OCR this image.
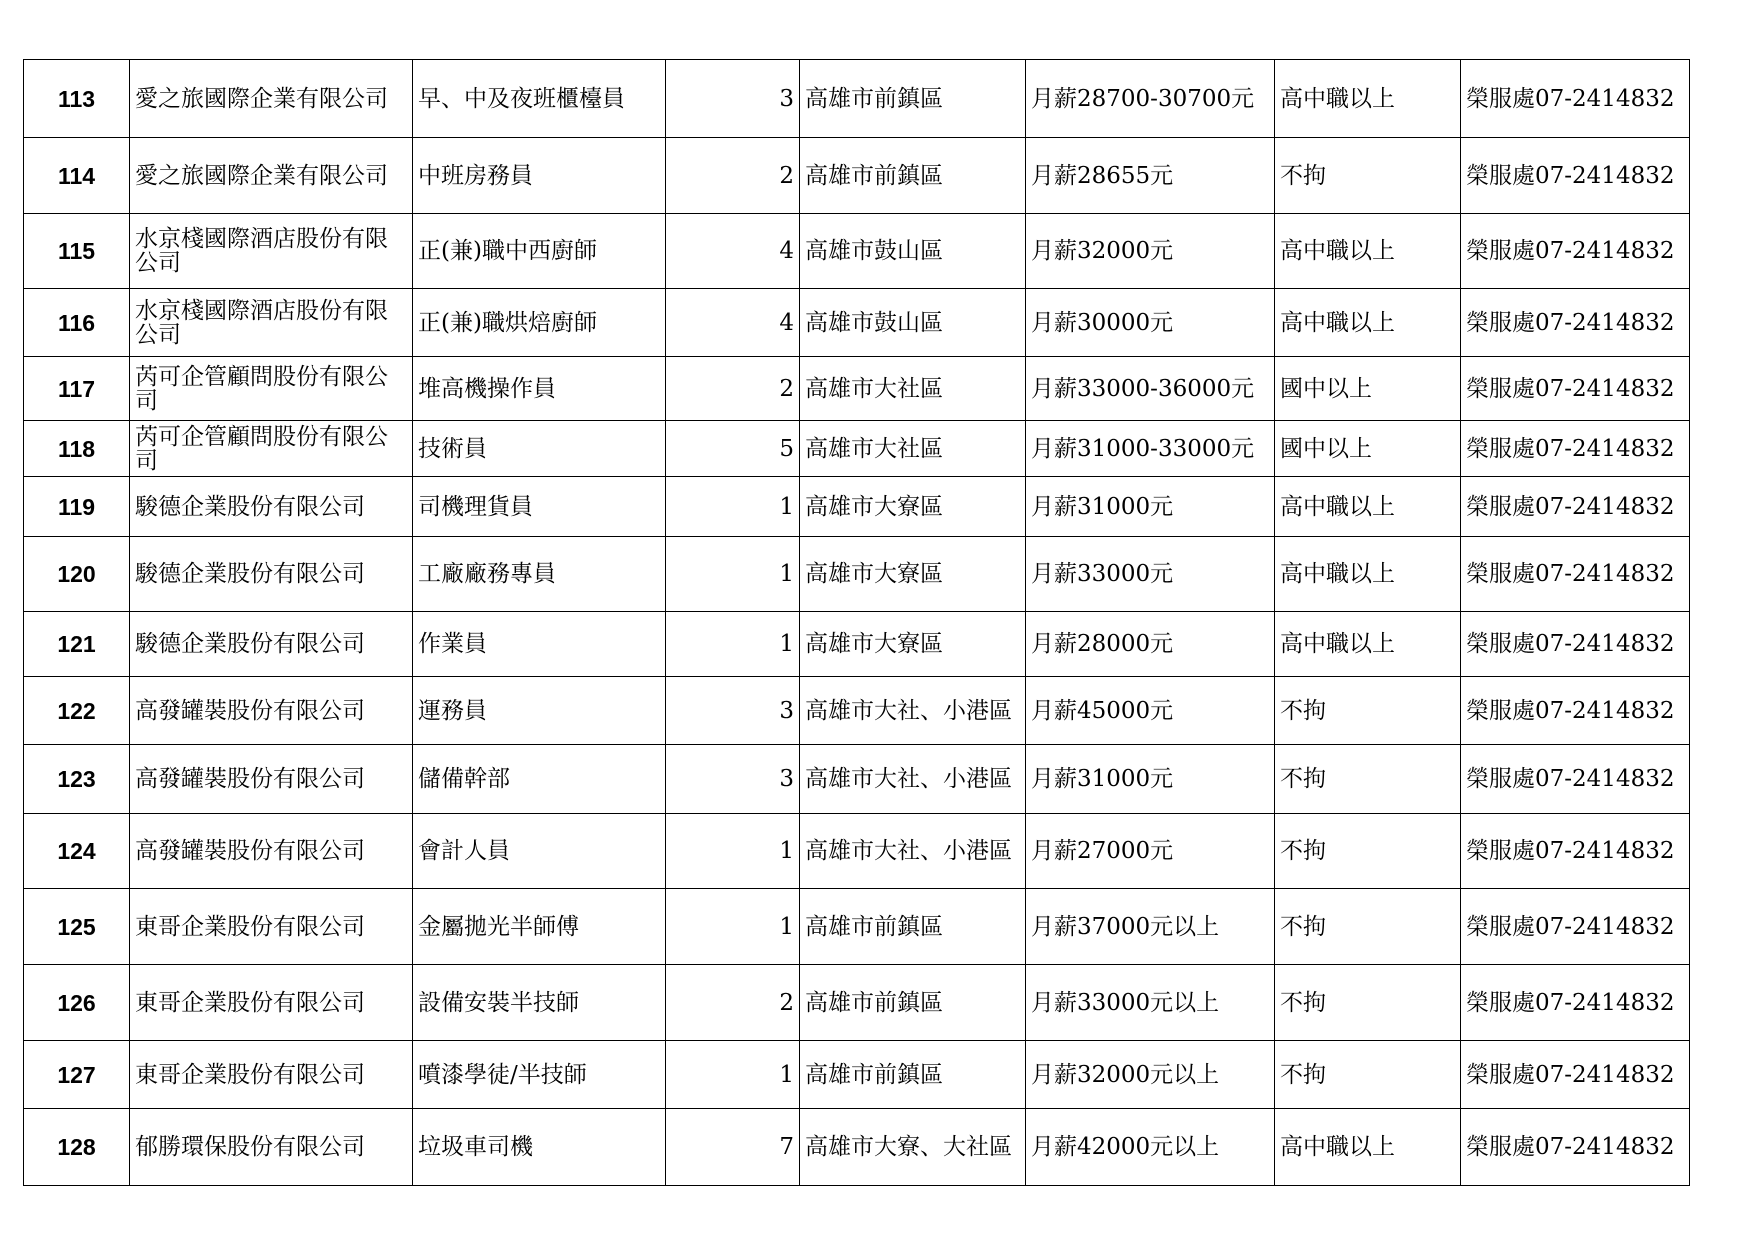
113	愛之旅國際企業有限公司	早、中及夜班櫃檯員	3	高雄市前鎮區	月薪28700-30700元	高中職以上	榮服處07-2414832
114	愛之旅國際企業有限公司	中班房務員	2	高雄市前鎮區	月薪28655元	不拘	榮服處07-2414832
115	水京棧國際酒店股份有限公司	正(兼)職中西廚師	4	高雄市鼓山區	月薪32000元	高中職以上	榮服處07-2414832
116	水京棧國際酒店股份有限公司	正(兼)職烘焙廚師	4	高雄市鼓山區	月薪30000元	高中職以上	榮服處07-2414832
117	芮可企管顧問股份有限公司	堆高機操作員	2	高雄市大社區	月薪33000-36000元	國中以上	榮服處07-2414832
118	芮可企管顧問股份有限公司	技術員	5	高雄市大社區	月薪31000-33000元	國中以上	榮服處07-2414832
119	駿德企業股份有限公司	司機理貨員	1	高雄市大寮區	月薪31000元	高中職以上	榮服處07-2414832
120	駿德企業股份有限公司	工廠廠務專員	1	高雄市大寮區	月薪33000元	高中職以上	榮服處07-2414832
121	駿德企業股份有限公司	作業員	1	高雄市大寮區	月薪28000元	高中職以上	榮服處07-2414832
122	高發罐裝股份有限公司	運務員	3	高雄市大社、小港區	月薪45000元	不拘	榮服處07-2414832
123	高發罐裝股份有限公司	儲備幹部	3	高雄市大社、小港區	月薪31000元	不拘	榮服處07-2414832
124	高發罐裝股份有限公司	會計人員	1	高雄市大社、小港區	月薪27000元	不拘	榮服處07-2414832
125	東哥企業股份有限公司	金屬拋光半師傅	1	高雄市前鎮區	月薪37000元以上	不拘	榮服處07-2414832
126	東哥企業股份有限公司	設備安裝半技師	2	高雄市前鎮區	月薪33000元以上	不拘	榮服處07-2414832
127	東哥企業股份有限公司	噴漆學徒/半技師	1	高雄市前鎮區	月薪32000元以上	不拘	榮服處07-2414832
128	郁勝環保股份有限公司	垃圾車司機	7	高雄市大寮、大社區	月薪42000元以上	高中職以上	榮服處07-2414832
